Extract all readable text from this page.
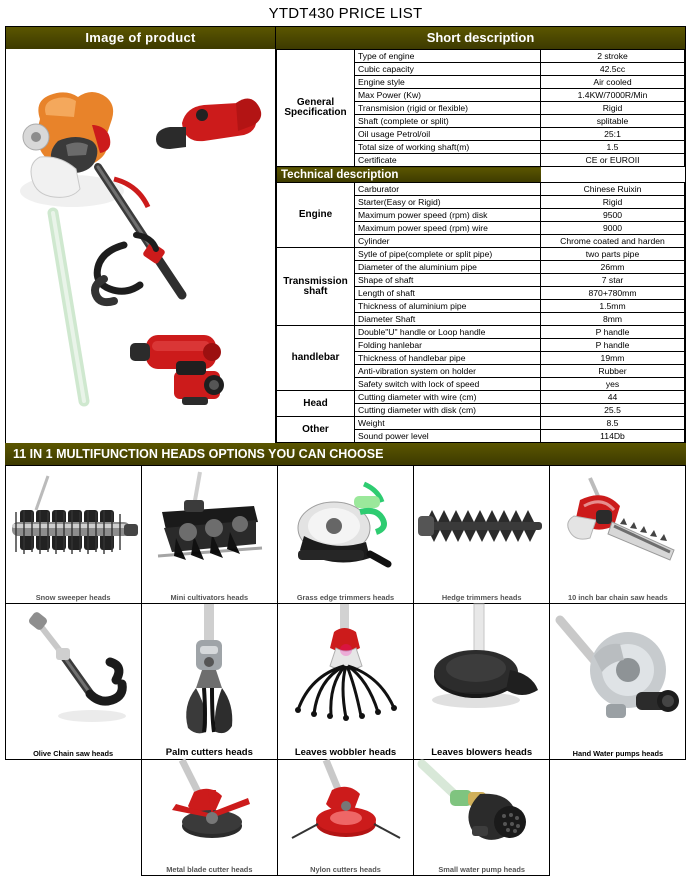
YTDT430 PRICE LIST
Image of product	Short description
General Specification	Type of engine	2 stroke
	Cubic capacity	42.5cc
	Engine style	Air cooled
	Max Power (Kw)	1.4KW/7000R/Min
	Transmision (rigid or flexible)	Rigid
	Shaft (complete or split)	splitable
	Oil usage Petrol/oil	25:1
	Total size of working shaft(m)	1.5
	Certificate	CE or EUROII
Technical description		
Engine	Carburator	Chinese Ruixin
	Starter(Easy or Rigid)	Rigid
	Maximum power speed (rpm) disk	9500
	Maximum power speed (rpm) wire	9000
	Cylinder	Chrome coated and harden
Transmission shaft	Sytle of pipe(complete or split pipe)	two parts pipe
	Diameter of the aluminium pipe	26mm
	Shape of shaft	7 star
	Length of shaft	870+780mm
	Thickness of aluminium pipe	1.5mm
	Diameter Shaft	8mm
handlebar	Double"U" handle or Loop handle	P handle
	Folding hanlebar	P handle
	Thickness of handlebar pipe	19mm
	Anti-vibration system on holder	Rubber
	Safety switch with lock of speed	yes
Head	Cutting diameter with wire (cm)	44
	Cutting diameter with disk (cm)	25.5
Other	Weight	8.5
	Sound power level	114Db
11 IN 1 MULTIFUNCTION HEADS OPTIONS YOU CAN CHOOSE
Snow sweeper heads	Mini cultivators heads	Grass edge trimmers heads	Hedge trimmers heads	10 inch bar chain saw heads

Olive Chain saw heads	Palm cutters heads	Leaves wobbler heads	Leaves blowers heads	Hand Water pumps heads

	Metal blade cutter heads	Nylon cutters heads	Small water pump heads	
